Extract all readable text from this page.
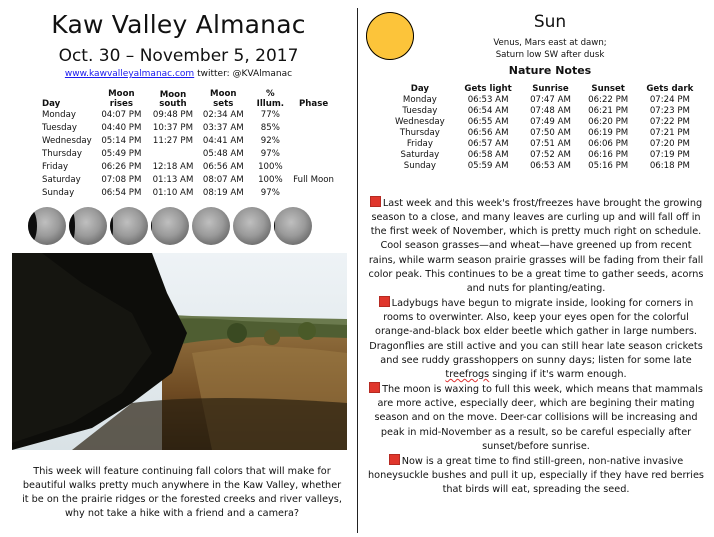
Kaw Valley Almanac
Oct. 30 – November 5, 2017
www.kawvalleyalmanac.com twitter: @KVAlmanac
Day	Moon rises	Moon south	Moon sets	% Illum.	Phase
Monday	04:07 PM	09:48 PM	02:34 AM	77%	
Tuesday	04:40 PM	10:37 PM	03:37 AM	85%	
Wednesday	05:14 PM	11:27 PM	04:41 AM	92%	
Thursday	05:49 PM		05:48 AM	97%	
Friday	06:26 PM	12:18 AM	06:56 AM	100%	
Saturday	07:08 PM	01:13 AM	08:07 AM	100%	Full Moon
Sunday	06:54 PM	01:10 AM	08:19 AM	97%	
This week will feature continuing fall colors that will make for beautiful walks pretty much anywhere in the Kaw Valley, whether it be on the prairie ridges or the forested creeks and river valleys, why not take a hike with a friend and a camera?
Sun
Venus, Mars east at dawn;
Saturn low SW after dusk
Nature Notes
Day	Gets light	Sunrise	Sunset	Gets dark
Monday	06:53 AM	07:47 AM	06:22 PM	07:24 PM
Tuesday	06:54 AM	07:48 AM	06:21 PM	07:23 PM
Wednesday	06:55 AM	07:49 AM	06:20 PM	07:22 PM
Thursday	06:56 AM	07:50 AM	06:19 PM	07:21 PM
Friday	06:57 AM	07:51 AM	06:06 PM	07:20 PM
Saturday	06:58 AM	07:52 AM	06:16 PM	07:19 PM
Sunday	05:59 AM	06:53 AM	05:16 PM	06:18 PM

Last week and this week's frost/freezes have brought the growing season to a close, and many leaves are curling up and will fall off in the first week of November, which is pretty much right on schedule. Cool season grasses—and wheat—have greened up from recent rains, while warm season prairie grasses will be fading from their fall color peak. This continues to be a great time to gather seeds, acorns and nuts for planting/eating.

Ladybugs have begun to migrate inside, looking for corners in rooms to overwinter. Also, keep your eyes open for the colorful orange-and-black box elder beetle which gather in large numbers. Dragonflies are still active and you can still hear late season crickets and see ruddy grasshoppers on sunny days; listen for some late treefrogs singing if it's warm enough.

The moon is waxing to full this week, which means that mammals are more active, especially deer, which are begining their mating season and on the move. Deer-car collisions will be increasing and peak in mid-November as a result, so be careful especially after sunset/before sunrise.

Now is a great time to find still-green, non-native invasive honeysuckle bushes and pull it up, especially if they have red berries that birds will eat, spreading the seed.
